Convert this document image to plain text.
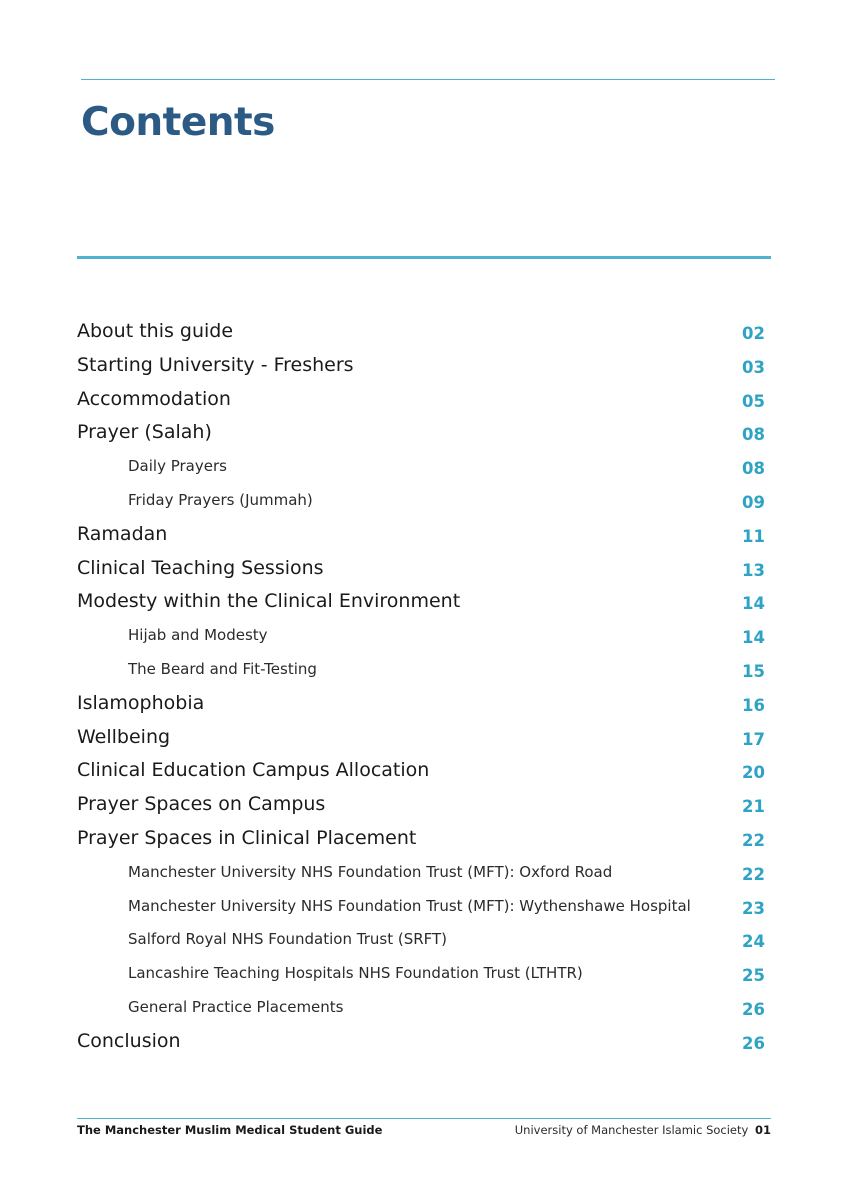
Contents
About this guide	02
Starting University - Freshers	03
Accommodation	05
Prayer (Salah)	08
Daily Prayers	08
Friday Prayers (Jummah)	09
Ramadan	11
Clinical Teaching Sessions	13
Modesty within the Clinical Environment	14
Hijab and Modesty	14
The Beard and Fit-Testing	15
Islamophobia	16
Wellbeing	17
Clinical Education Campus Allocation	20
Prayer Spaces on Campus	21
Prayer Spaces in Clinical Placement	22
Manchester University NHS Foundation Trust (MFT): Oxford Road	22
Manchester University NHS Foundation Trust (MFT): Wythenshawe Hospital	23
Salford Royal NHS Foundation Trust (SRFT)	24
Lancashire Teaching Hospitals NHS Foundation Trust (LTHTR)	25
General Practice Placements	26
Conclusion	26
The Manchester Muslim Medical Student Guide	University of Manchester Islamic Society 01
